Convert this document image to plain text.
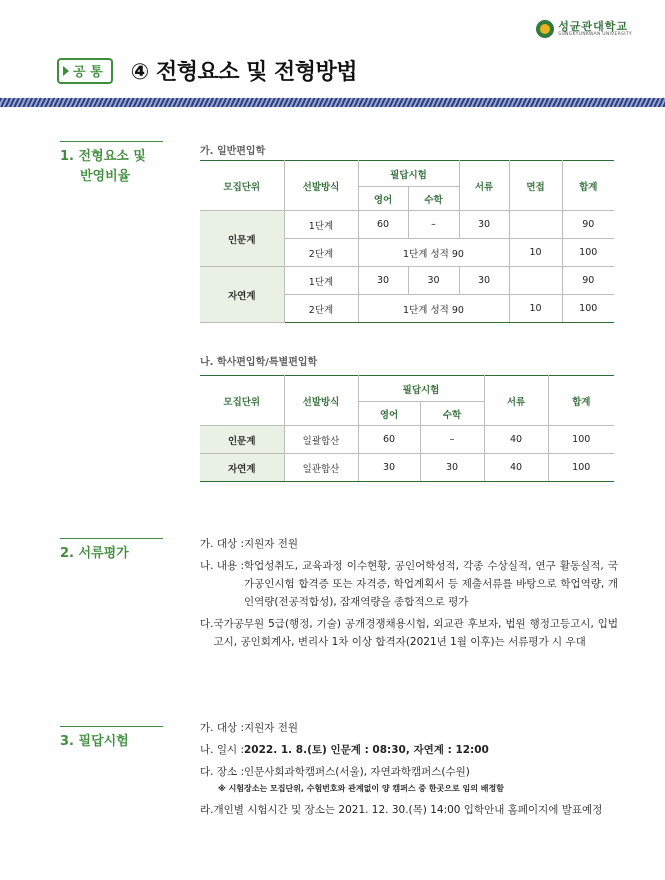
성균관대학교
SUNGKYUNKWAN UNIVERSITY
공 통 ④ 전형요소 및 전형방법
1. 전형요소 및
반영비율
가. 일반편입학
모집단위	선발방식	필답시험		서류	면접	합계
		영어	수학			
인문계	1단계	60	–	30		90
	2단계	1단계 성적 90			10	100
자연계	1단계	30	30	30		90
	2단계	1단계 성적 90			10	100
나. 학사편입학/특별편입학
모집단위	선발방식	필답시험		서류	합계
		영어	수학		
인문계	일괄합산	60	–	40	100
자연계	일관합산	30	30	40	100
2. 서류평가
가. 대상 : 지원자 전원
나. 내용 : 학업성취도, 교육과정 이수현황, 공인어학성적, 각종 수상실적, 연구 활동실적, 국가공인시험 합격증 또는 자격증, 학업계획서 등 제출서류를 바탕으로 학업역량, 개인역량(전공적합성), 잠재역량을 종합적으로 평가
다. 국가공무원 5급(행정, 기술) 공개경쟁채용시험, 외교관 후보자, 법원 행정고등고시, 입법고시, 공인회계사, 변리사 1차 이상 합격자(2021년 1월 이후)는 서류평가 시 우대
3. 필답시험
가. 대상 : 지원자 전원
나. 일시 : 2022. 1. 8.(토) 인문계 : 08:30, 자연계 : 12:00
다. 장소 : 인문사회과학캠퍼스(서울), 자연과학캠퍼스(수원)
※ 시험장소는 모집단위, 수험번호와 관계없이 양 캠퍼스 중 한곳으로 임의 배정함
라. 개인별 시험시간 및 장소는 2021. 12. 30.(목) 14:00 입학안내 홈페이지에 발표예정
